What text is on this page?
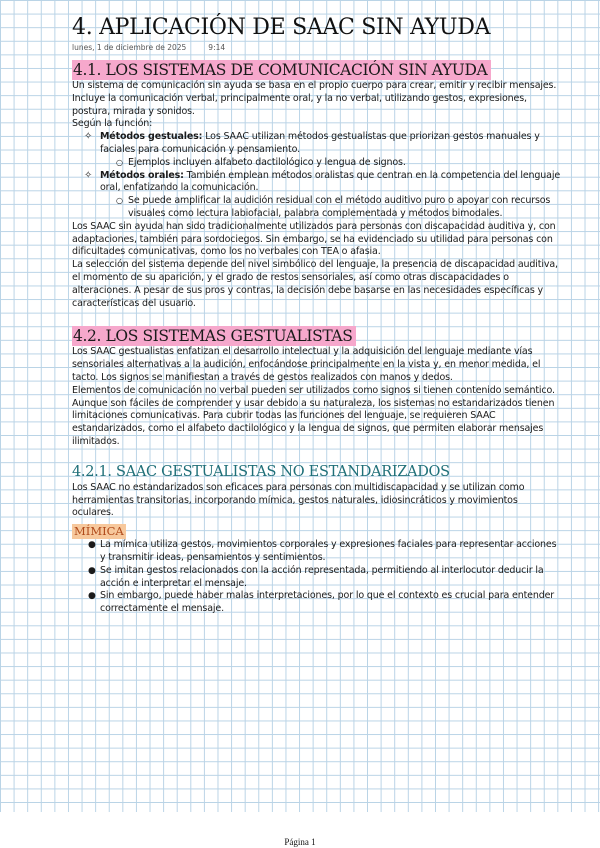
4. APLICACIÓN DE SAAC SIN AYUDA
lunes, 1 de diciembre de 2025	9:14
4.1. LOS SISTEMAS DE COMUNICACIÓN SIN AYUDA
Un sistema de comunicación sin ayuda se basa en el propio cuerpo para crear, emitir y recibir mensajes. Incluye la comunicación verbal, principalmente oral, y la no verbal, utilizando gestos, expresiones, postura, mirada y sonidos.
Según la función:
✧ Métodos gestuales: Los SAAC utilizan métodos gestualistas que priorizan gestos manuales y faciales para comunicación y pensamiento.
○ Ejemplos incluyen alfabeto dactilológico y lengua de signos.
✧ Métodos orales: También emplean métodos oralistas que centran en la competencia del lenguaje oral, enfatizando la comunicación.
○ Se puede amplificar la audición residual con el método auditivo puro o apoyar con recursos visuales como lectura labiofacial, palabra complementada y métodos bimodales.
Los SAAC sin ayuda han sido tradicionalmente utilizados para personas con discapacidad auditiva y, con adaptaciones, también para sordociegos. Sin embargo, se ha evidenciado su utilidad para personas con dificultades comunicativas, como los no verbales con TEA o afasia.
La selección del sistema depende del nivel simbólico del lenguaje, la presencia de discapacidad auditiva, el momento de su aparición, y el grado de restos sensoriales, así como otras discapacidades o alteraciones. A pesar de sus pros y contras, la decisión debe basarse en las necesidades específicas y características del usuario.
4.2. LOS SISTEMAS GESTUALISTAS
Los SAAC gestualistas enfatizan el desarrollo intelectual y la adquisición del lenguaje mediante vías sensoriales alternativas a la audición, enfocándose principalmente en la vista y, en menor medida, el tacto. Los signos se manifiestan a través de gestos realizados con manos y dedos.
Elementos de comunicación no verbal pueden ser utilizados como signos si tienen contenido semántico. Aunque son fáciles de comprender y usar debido a su naturaleza, los sistemas no estandarizados tienen limitaciones comunicativas. Para cubrir todas las funciones del lenguaje, se requieren SAAC estandarizados, como el alfabeto dactilológico y la lengua de signos, que permiten elaborar mensajes ilimitados.
4.2.1. SAAC GESTUALISTAS NO ESTANDARIZADOS
Los SAAC no estandarizados son eficaces para personas con multidiscapacidad y se utilizan como herramientas transitorias, incorporando mímica, gestos naturales, idiosincráticos y movimientos oculares.
MÍMICA
● La mímica utiliza gestos, movimientos corporales y expresiones faciales para representar acciones y transmitir ideas, pensamientos y sentimientos.
● Se imitan gestos relacionados con la acción representada, permitiendo al interlocutor deducir la acción e interpretar el mensaje.
● Sin embargo, puede haber malas interpretaciones, por lo que el contexto es crucial para entender correctamente el mensaje.
Página 1
